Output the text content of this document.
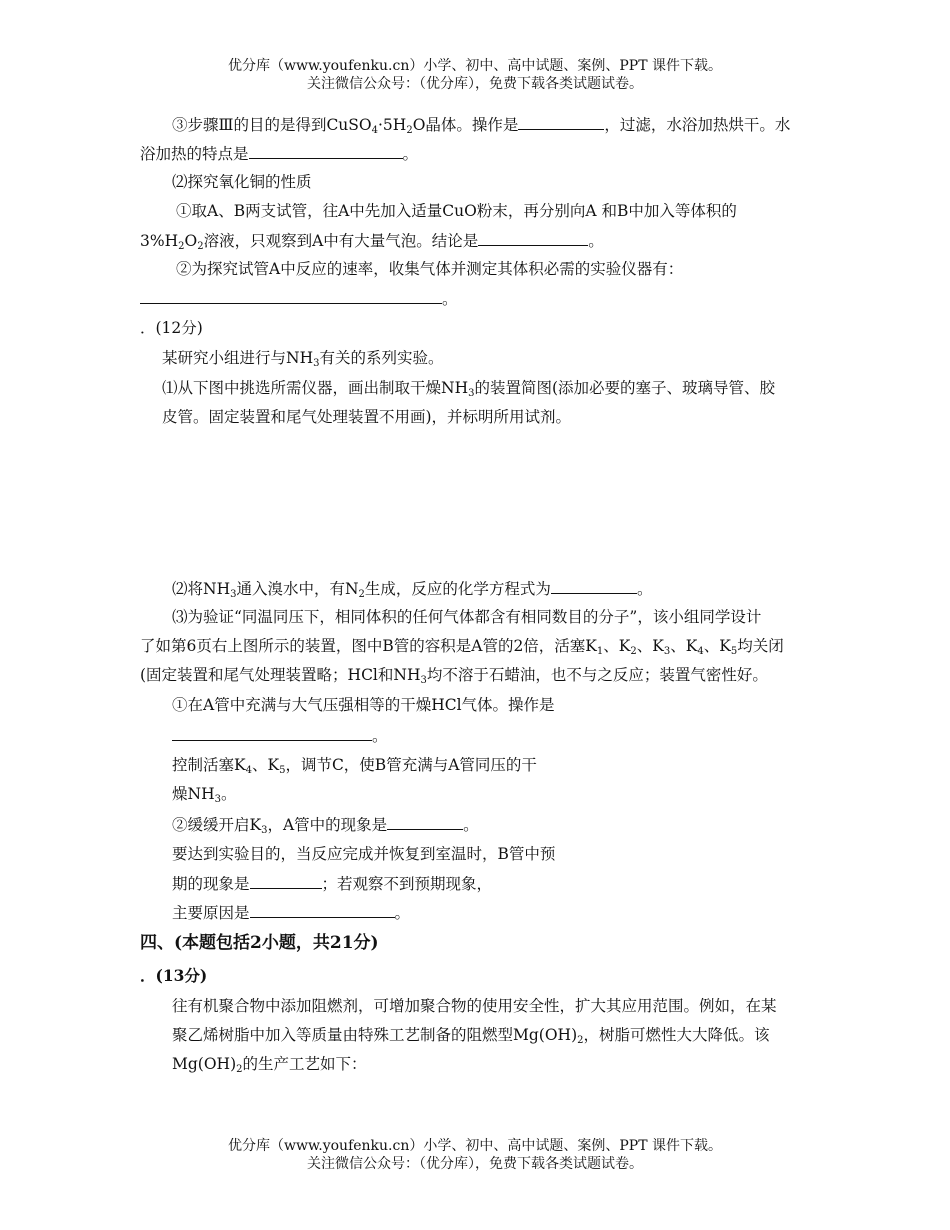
优分库（www.youfenku.cn）小学、初中、高中试题、案例、PPT 课件下载。
关注微信公众号：（优分库），免费下载各类试题试卷。
③步骤Ⅲ的目的是得到$CuSO_4\cdot 5H_2O$晶体。操作是	，过滤，水浴加热烘干。水
浴加热的特点是	。
⑵探究氧化铜的性质
①取A、B两支试管，往A中先加入适量CuO粉末，再分别向A 和B中加入等体积的
$3\%H_2O_2$溶液，只观察到A中有大量气泡。结论是	。
②为探究试管A中反应的速率，收集气体并测定其体积必需的实验仪器有：
。
．(12分)
某研究小组进行与$NH_3$有关的系列实验。
⑴从下图中挑选所需仪器，画出制取干燥$NH_3$的装置简图(添加必要的塞子、玻璃导管、胶
皮管。固定装置和尾气处理装置不用画)，并标明所用试剂。
⑵将$NH_3$通入溴水中，有$N_2$生成，反应的化学方程式为	。
⑶为验证“同温同压下，相同体积的任何气体都含有相同数目的分子”，该小组同学设计
了如第6页右上图所示的装置，图中B管的容积是A管的2倍，活塞$K_1$、$K_2$、$K_3$、$K_4$、$K_5$均关闭
(固定装置和尾气处理装置略；HCl和$NH_3$均不溶于石蜡油，也不与之反应；装置气密性好。
①在A管中充满与大气压强相等的干燥HCl气体。操作是
。
控制活塞$K_4$、$K_5$，调节C，使B管充满与A管同压的干
燥$NH_3$。
②缓缓开启$K_3$，A管中的现象是	。
要达到实验目的，当反应完成并恢复到室温时，B管中预
期的现象是	；若观察不到预期现象，
主要原因是	。
四、(本题包括2小题，共21分)
．(13分)
往有机聚合物中添加阻燃剂，可增加聚合物的使用安全性，扩大其应用范围。例如，在某
聚乙烯树脂中加入等质量由特殊工艺制备的阻燃型$Mg(OH)_2$，树脂可燃性大大降低。该
$Mg(OH)_2$的生产工艺如下：
优分库（www.youfenku.cn）小学、初中、高中试题、案例、PPT 课件下载。
关注微信公众号：（优分库），免费下载各类试题试卷。
